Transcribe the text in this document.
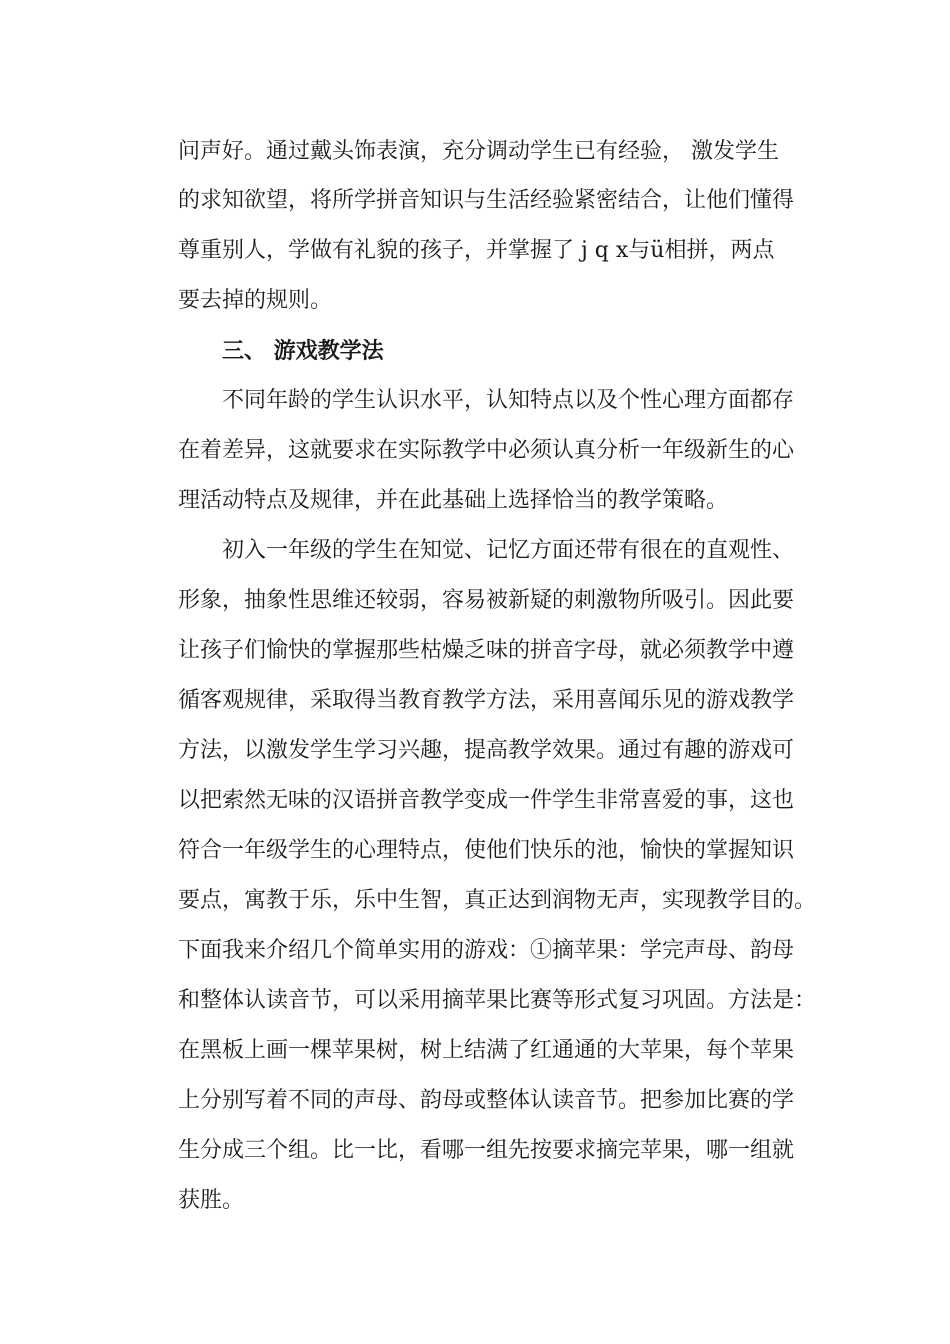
问声好。通过戴头饰表演，充分调动学生已有经验， 激发学生
的求知欲望，将所学拼音知识与生活经验紧密结合，让他们懂得
尊重别人，学做有礼貌的孩子，并掌握了 j q x与ü相拼，两点
要去掉的规则。
三、 游戏教学法
不同年龄的学生认识水平，认知特点以及个性心理方面都存
在着差异，这就要求在实际教学中必须认真分析一年级新生的心
理活动特点及规律，并在此基础上选择恰当的教学策略。
初入一年级的学生在知觉、记忆方面还带有很在的直观性、
形象，抽象性思维还较弱，容易被新疑的刺激物所吸引。因此要
让孩子们愉快的掌握那些枯燥乏味的拼音字母，就必须教学中遵
循客观规律，采取得当教育教学方法，采用喜闻乐见的游戏教学
方法，以激发学生学习兴趣，提高教学效果。通过有趣的游戏可
以把索然无味的汉语拼音教学变成一件学生非常喜爱的事，这也
符合一年级学生的心理特点，使他们快乐的池，愉快的掌握知识
要点，寓教于乐，乐中生智，真正达到润物无声，实现教学目的。
下面我来介绍几个简单实用的游戏：①摘苹果：学完声母、韵母
和整体认读音节，可以采用摘苹果比赛等形式复习巩固。方法是：
在黑板上画一棵苹果树，树上结满了红通通的大苹果，每个苹果
上分别写着不同的声母、韵母或整体认读音节。把参加比赛的学
生分成三个组。比一比，看哪一组先按要求摘完苹果，哪一组就
获胜。
